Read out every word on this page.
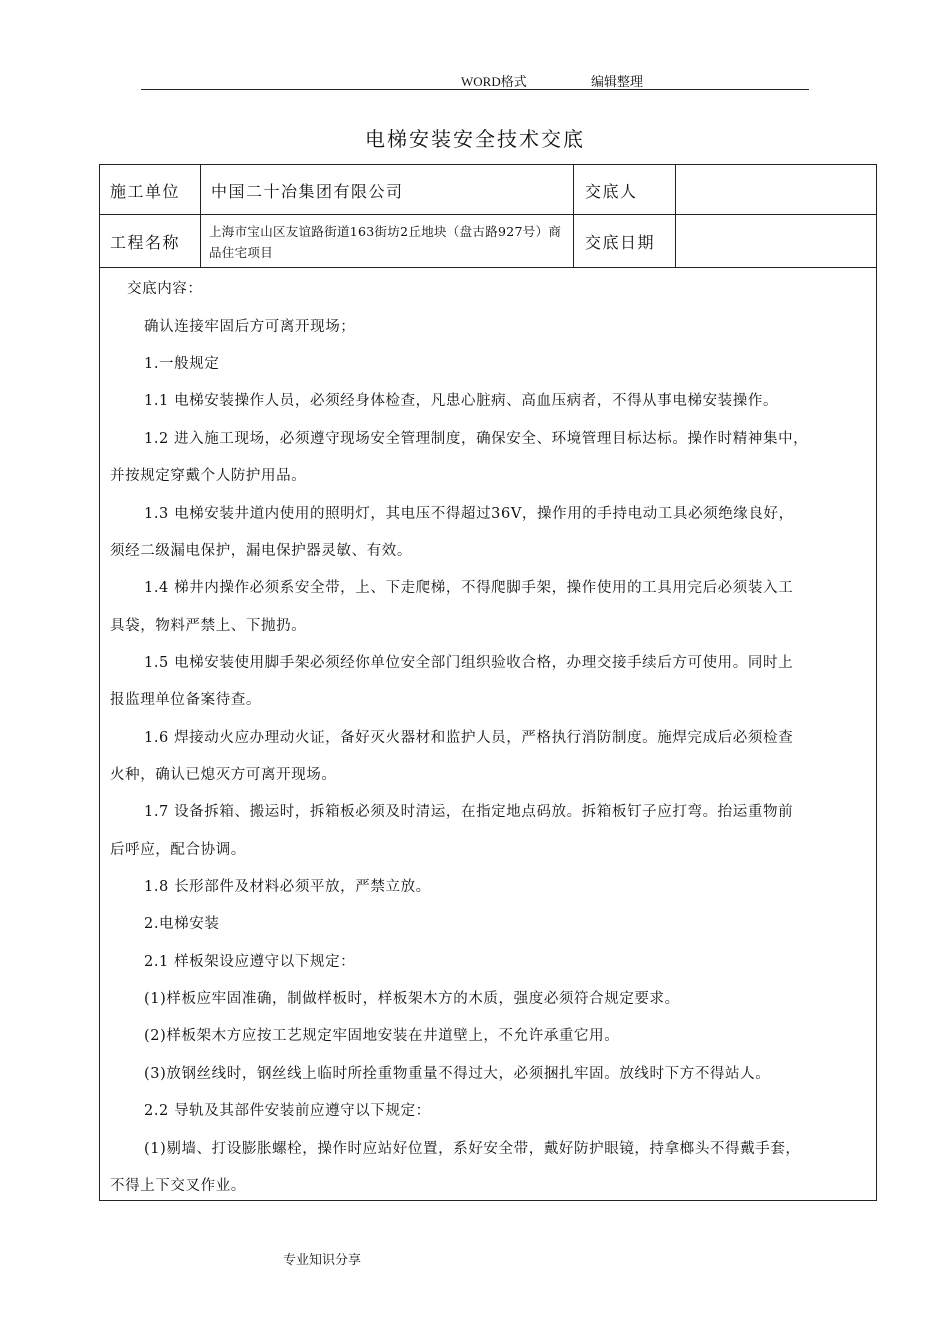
WORD格式	编辑整理
电梯安装安全技术交底
施工单位 中国二十冶集团有限公司	交底人
工程名称
上海市宝山区友谊路街道163街坊2丘地块（盘古路927号）商品住宅项目
交底日期

交底内容：

确认连接牢固后方可离开现场；

1.一般规定

1.1 电梯安装操作人员，必须经身体检查，凡患心脏病、高血压病者，不得从事电梯安装操作。

1.2 进入施工现场，必须遵守现场安全管理制度，确保安全、环境管理目标达标。操作时精神集中，

并按规定穿戴个人防护用品。

1.3 电梯安装井道内使用的照明灯，其电压不得超过36V，操作用的手持电动工具必须绝缘良好，

须经二级漏电保护，漏电保护器灵敏、有效。

1.4 梯井内操作必须系安全带，上、下走爬梯，不得爬脚手架，操作使用的工具用完后必须装入工

具袋，物料严禁上、下抛扔。

1.5 电梯安装使用脚手架必须经你单位安全部门组织验收合格，办理交接手续后方可使用。同时上

报监理单位备案待查。

1.6 焊接动火应办理动火证，备好灭火器材和监护人员，严格执行消防制度。施焊完成后必须检查

火种，确认已熄灭方可离开现场。

1.7 设备拆箱、搬运时，拆箱板必须及时清运，在指定地点码放。拆箱板钉子应打弯。抬运重物前

后呼应，配合协调。

1.8 长形部件及材料必须平放，严禁立放。

2.电梯安装

2.1 样板架设应遵守以下规定：

(1)样板应牢固准确，制做样板时，样板架木方的木质，强度必须符合规定要求。

(2)样板架木方应按工艺规定牢固地安装在井道壁上，不允许承重它用。

(3)放钢丝线时，钢丝线上临时所拴重物重量不得过大，必须捆扎牢固。放线时下方不得站人。

2.2 导轨及其部件安装前应遵守以下规定：

(1)剔墙、打设膨胀螺栓，操作时应站好位置，系好安全带，戴好防护眼镜，持拿榔头不得戴手套，

不得上下交叉作业。

专业知识分享
